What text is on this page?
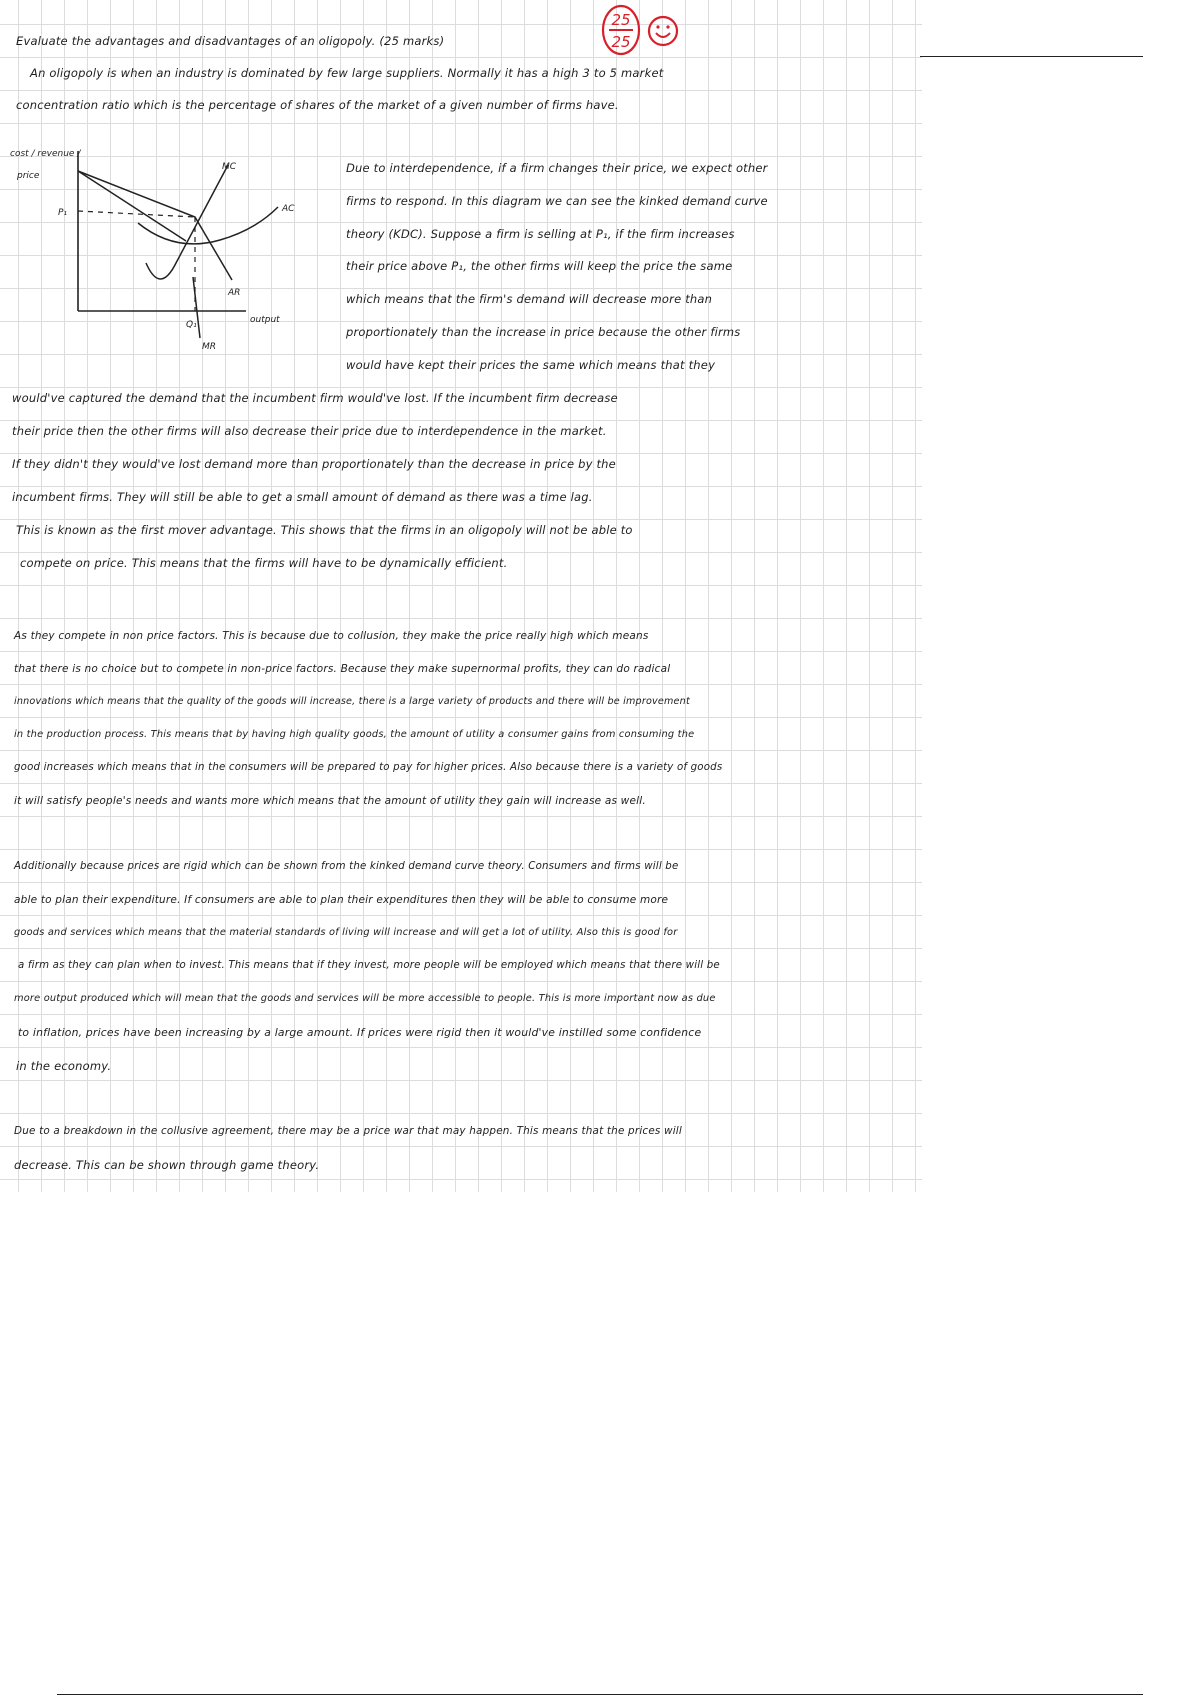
25
25
cost / revenue /
price
output
P₁
Q₁
MC
AC
AR
MR
Evaluate the advantages and disadvantages of an oligopoly. (25 marks)
An oligopoly is when an industry is dominated by few large suppliers. Normally it has a high 3 to 5 market
concentration ratio which is the percentage of shares of the market of a given number of firms have.
Due to interdependence, if a firm changes their price, we expect other
firms to respond. In this diagram we can see the kinked demand curve
theory (KDC). Suppose a firm is selling at P₁, if the firm increases
their price above P₁, the other firms will keep the price the same
which means that the firm's demand will decrease more than
proportionately than the increase in price because the other firms
would have kept their prices the same which means that they
would've captured the demand that the incumbent firm would've lost. If the incumbent firm decrease
their price then the other firms will also decrease their price due to interdependence in the market.
If they didn't they would've lost demand more than proportionately than the decrease in price by the
incumbent firms. They will still be able to get a small amount of demand as there was a time lag.
This is known as the first mover advantage. This shows that the firms in an oligopoly will not be able to
compete on price. This means that the firms will have to be dynamically efficient.
As they compete in non price factors. This is because due to collusion, they make the price really high which means
that there is no choice but to compete in non-price factors. Because they make supernormal profits, they can do radical
innovations which means that the quality of the goods will increase, there is a large variety of products and there will be improvement
in the production process. This means that by having high quality goods, the amount of utility a consumer gains from consuming the
good increases which means that in the consumers will be prepared to pay for higher prices. Also because there is a variety of goods
it will satisfy people's needs and wants more which means that the amount of utility they gain will increase as well.
Additionally because prices are rigid which can be shown from the kinked demand curve theory. Consumers and firms will be
able to plan their expenditure. If consumers are able to plan their expenditures then they will be able to consume more
goods and services which means that the material standards of living will increase and will get a lot of utility. Also this is good for
a firm as they can plan when to invest. This means that if they invest, more people will be employed which means that there will be
more output produced which will mean that the goods and services will be more accessible to people. This is more important now as due
to inflation, prices have been increasing by a large amount. If prices were rigid then it would've instilled some confidence
in the economy.
Due to a breakdown in the collusive agreement, there may be a price war that may happen. This means that the prices will
decrease. This can be shown through game theory.
